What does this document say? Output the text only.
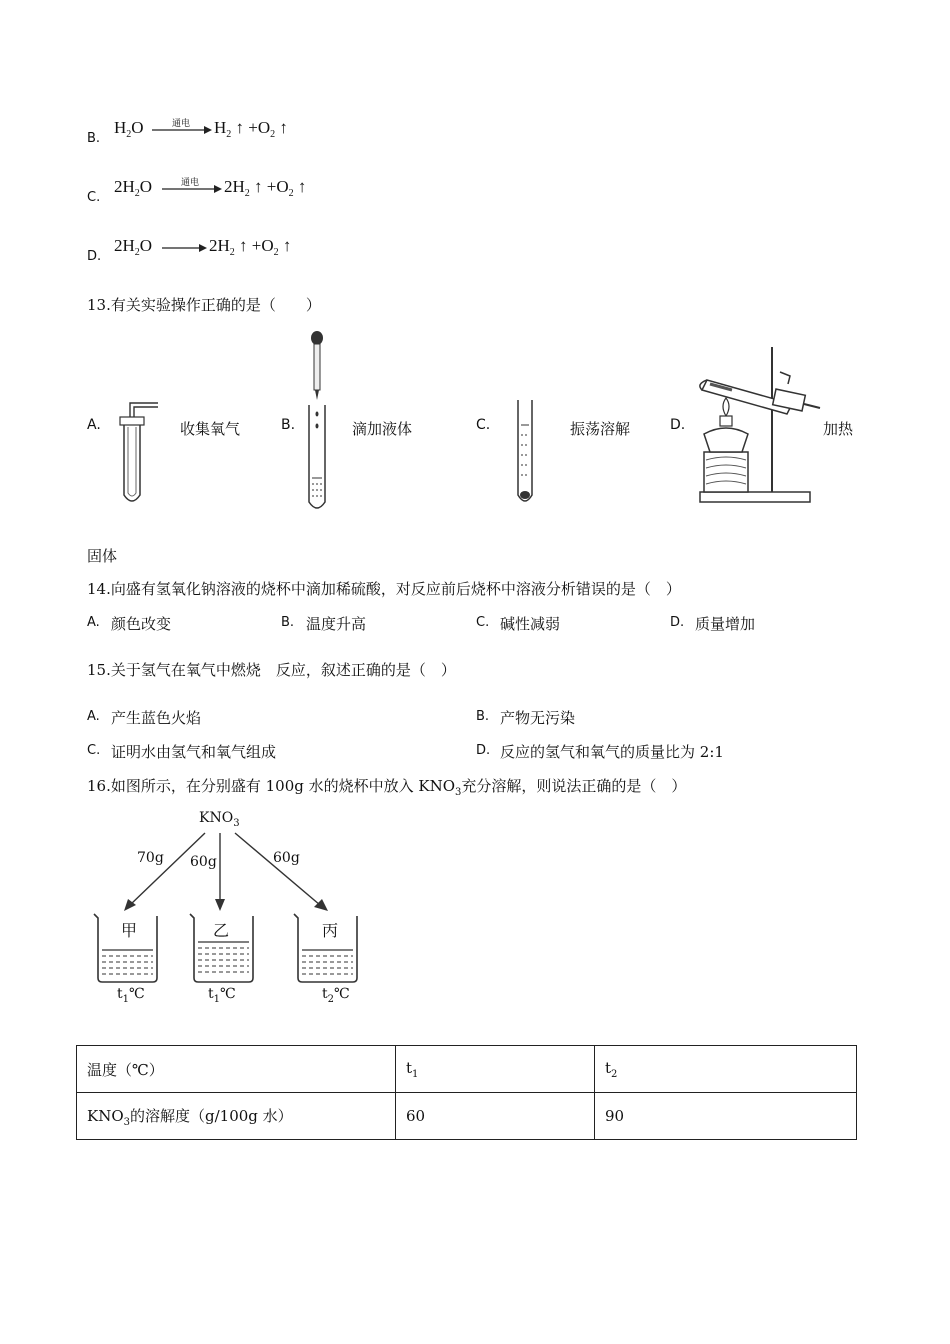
B.
$H_2O$	通电 → $H_2$ ↑ $+O_2$ ↑
C.
$2H_2O$	通电 → $2H_2$ ↑ $+O_2$ ↑
D.
$2H_2O \to 2H_2$ ↑ $+O_2$ ↑
13.有关实验操作正确的是（　　）
A.	收集氧气	B.	滴加液体	C.	振荡溶解	D.	加热
固体
14.向盛有氢氧化钠溶液的烧杯中滴加稀硫酸，对反应前后烧杯中溶液分析错误的是（　）
A. 颜色改变	B. 温度升高	C. 碱性减弱	D. 质量增加
15.关于氢气在氧气中燃烧　反应，叙述正确的是（　）
A. 产生蓝色火焰	B. 产物无污染
C. 证明水由氢气和氧气组成	D. 反应的氢气和氧气的质量比为 2:1
16.如图所示，在分别盛有 100g 水的烧杯中放入 $KNO_3$充分溶解，则说法正确的是（　）
$KNO_3$
70g 60g	60g
甲
$t_1℃$
乙
$t_1℃$
丙
$t_2℃$
温度（℃）	$t_1$	$t_2$
$KNO_3$的溶解度（g/100g 水）	60	90
